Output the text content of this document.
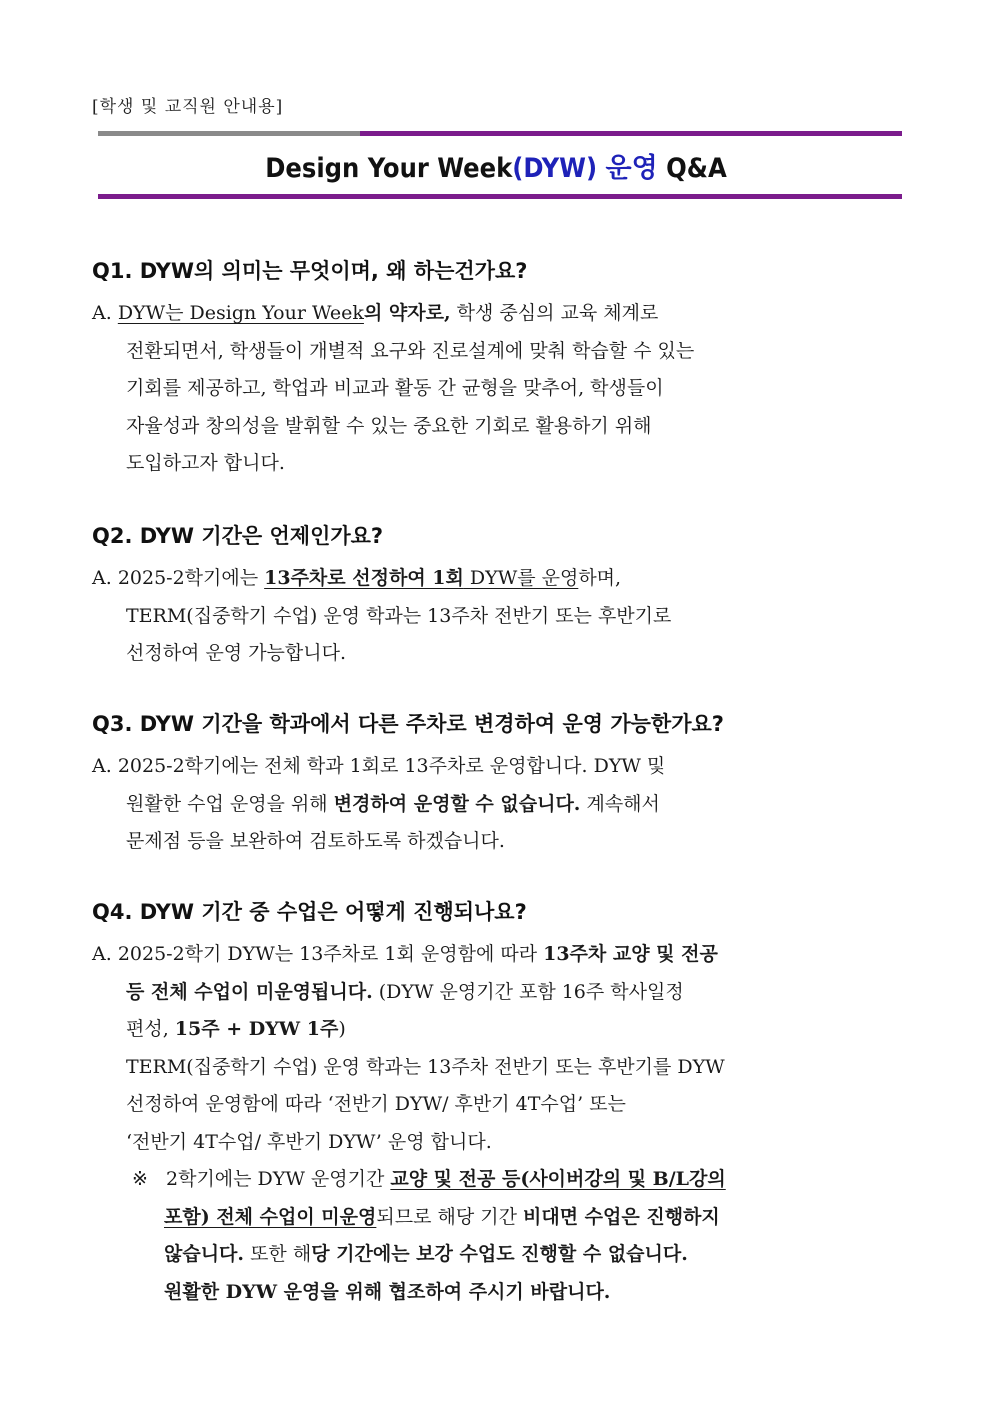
[학생 및 교직원 안내용]
Design Your Week(DYW) 운영 Q&A
Q1. DYW의 의미는 무엇이며, 왜 하는건가요?
A. DYW는 Design Your Week의 약자로, 학생 중심의 교육 체계로
전환되면서, 학생들이 개별적 요구와 진로설계에 맞춰 학습할 수 있는
기회를 제공하고, 학업과 비교과 활동 간 균형을 맞추어, 학생들이
자율성과 창의성을 발휘할 수 있는 중요한 기회로 활용하기 위해
도입하고자 합니다.
Q2. DYW 기간은 언제인가요?
A. 2025-2학기에는 13주차로 선정하여 1회 DYW를 운영하며,
TERM(집중학기 수업) 운영 학과는 13주차 전반기 또는 후반기로
선정하여 운영 가능합니다.
Q3. DYW 기간을 학과에서 다른 주차로 변경하여 운영 가능한가요?
A. 2025-2학기에는 전체 학과 1회로 13주차로 운영합니다. DYW 및
원활한 수업 운영을 위해 변경하여 운영할 수 없습니다. 계속해서
문제점 등을 보완하여 검토하도록 하겠습니다.
Q4. DYW 기간 중 수업은 어떻게 진행되나요?
A. 2025-2학기 DYW는 13주차로 1회 운영함에 따라 13주차 교양 및 전공
등 전체 수업이 미운영됩니다. (DYW 운영기간 포함 16주 학사일정
편성, 15주 + DYW 1주)
TERM(집중학기 수업) 운영 학과는 13주차 전반기 또는 후반기를 DYW
선정하여 운영함에 따라 ‘전반기 DYW/ 후반기 4T수업’ 또는
‘전반기 4T수업/ 후반기 DYW’ 운영 합니다.
※ 2학기에는 DYW 운영기간 교양 및 전공 등(사이버강의 및 B/L강의
포함) 전체 수업이 미운영되므로 해당 기간 비대면 수업은 진행하지
않습니다. 또한 해당 기간에는 보강 수업도 진행할 수 없습니다.
원활한 DYW 운영을 위해 협조하여 주시기 바랍니다.
